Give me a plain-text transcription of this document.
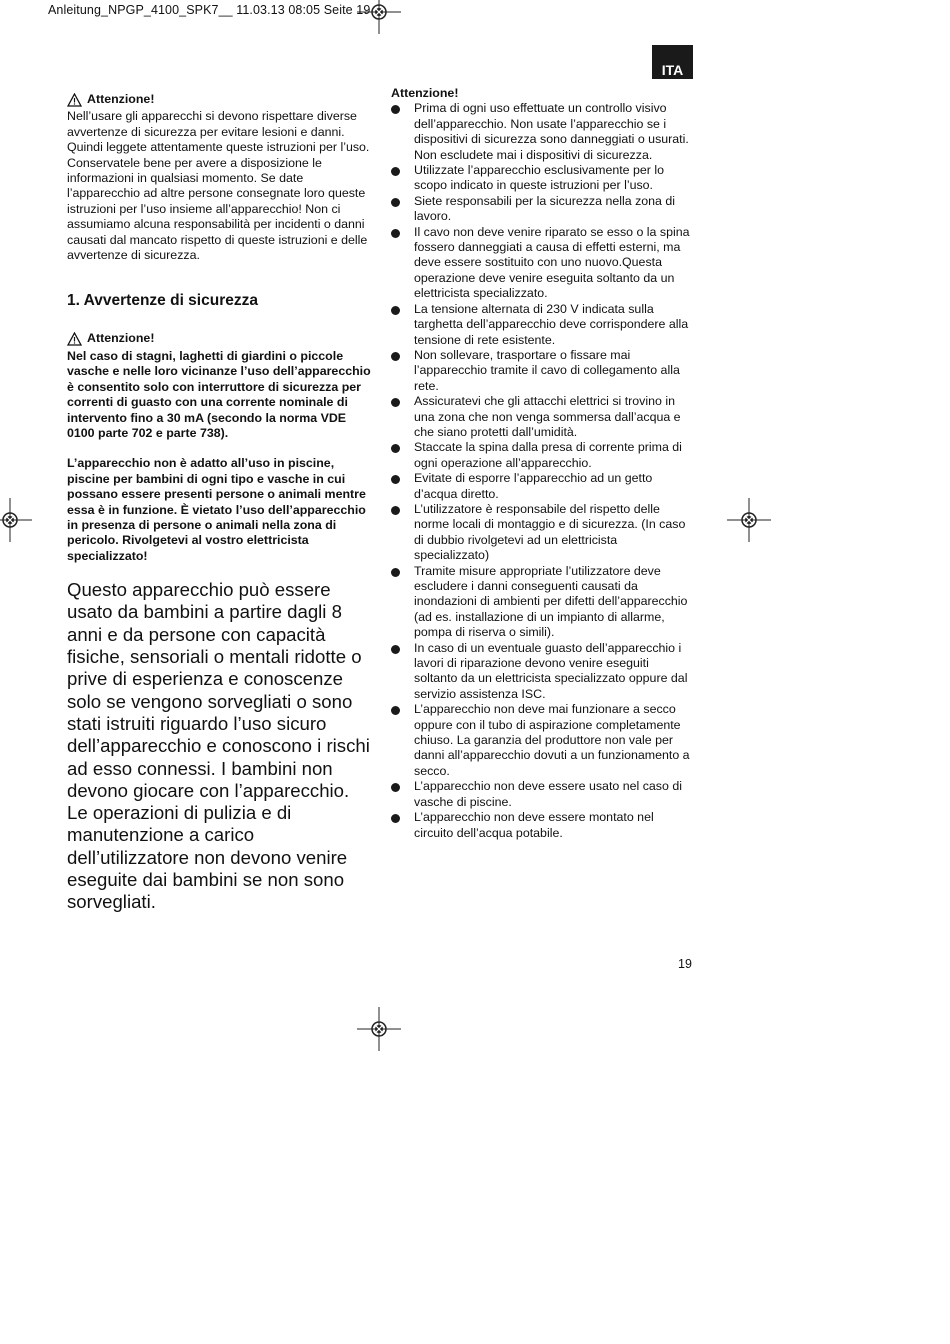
Anleitung_NPGP_4100_SPK7__ 11.03.13 08:05 Seite 19
ITA
Attenzione!

Nell’usare gli apparecchi si devono rispettare diverse avvertenze di sicurezza per evitare lesioni e danni. Quindi leggete attentamente queste istruzioni per l’uso. Conservatele bene per avere a disposizione le informazioni in qualsiasi momento. Se date l’apparecchio ad altre persone consegnate loro queste istruzioni per l’uso insieme all’apparecchio! Non ci assumiamo alcuna responsabilità per incidenti o danni causati dal mancato rispetto di queste istruzioni e delle avvertenze di sicurezza.

1. Avvertenze di sicurezza
Attenzione!

Nel caso di stagni, laghetti di giardini o piccole vasche e nelle loro vicinanze l’uso dell’apparecchio è consentito solo con interruttore di sicurezza per correnti di guasto con una corrente nominale di intervento fino a 30 mA (secondo la norma VDE 0100 parte 702 e parte 738).

L’apparecchio non è adatto all’uso in piscine, piscine per bambini di ogni tipo e vasche in cui possano essere presenti persone o animali mentre essa è in funzione. È vietato l’uso dell’apparecchio in presenza di persone o animali nella zona di pericolo. Rivolgetevi al vostro elettricista specializzato!

Questo apparecchio può essere usato da bambini a partire dagli 8 anni e da persone con capacità fisiche, sensoriali o mentali ridotte o prive di esperienza e conoscenze solo se vengono sorvegliati o sono stati istruiti riguardo l’uso sicuro dell’apparecchio e conoscono i rischi ad esso connessi. I bambini non devono giocare con l’apparecchio. Le operazioni di pulizia e di manutenzione a carico dell’utilizzatore non devono venire eseguite dai bambini se non sono sorvegliati.

Attenzione!
Prima di ogni uso effettuate un controllo visivo dell’apparecchio. Non usate l’apparecchio se i dispositivi di sicurezza sono danneggiati o usurati. Non escludete mai i dispositivi di sicurezza.
Utilizzate l’apparecchio esclusivamente per lo scopo indicato in queste istruzioni per l’uso.
Siete responsabili per la sicurezza nella zona di lavoro.
Il cavo non deve venire riparato se esso o la spina fossero danneggiati a causa di effetti esterni, ma deve essere sostituito con uno nuovo.Questa operazione deve venire eseguita soltanto da un elettricista specializzato.
La tensione alternata di 230 V indicata sulla targhetta dell’apparecchio deve corrispondere alla tensione di rete esistente.
Non sollevare, trasportare o fissare mai l’apparecchio tramite il cavo di collegamento alla rete.
Assicuratevi che gli attacchi elettrici si trovino in una zona che non venga sommersa dall’acqua e che siano protetti dall’umidità.
Staccate la spina dalla presa di corrente prima di ogni operazione all’apparecchio.
Evitate di esporre l’apparecchio ad un getto d’acqua diretto.
L’utilizzatore è responsabile del rispetto delle norme locali di montaggio e di sicurezza. (In caso di dubbio rivolgetevi ad un elettricista specializzato)
Tramite misure appropriate l’utilizzatore deve escludere i danni conseguenti causati da inondazioni di ambienti per difetti dell’apparecchio (ad es. installazione di un impianto di allarme, pompa di riserva o simili).
In caso di un eventuale guasto dell’apparecchio i lavori di riparazione devono venire eseguiti soltanto da un elettricista specializzato oppure dal servizio assistenza ISC.
L’apparecchio non deve mai funzionare a secco oppure con il tubo di aspirazione completamente chiuso. La garanzia del produttore non vale per danni all’apparecchio dovuti a un funzionamento a secco.
L’apparecchio non deve essere usato nel caso di vasche di piscine.
L’apparecchio non deve essere montato nel circuito dell’acqua potabile.
19
